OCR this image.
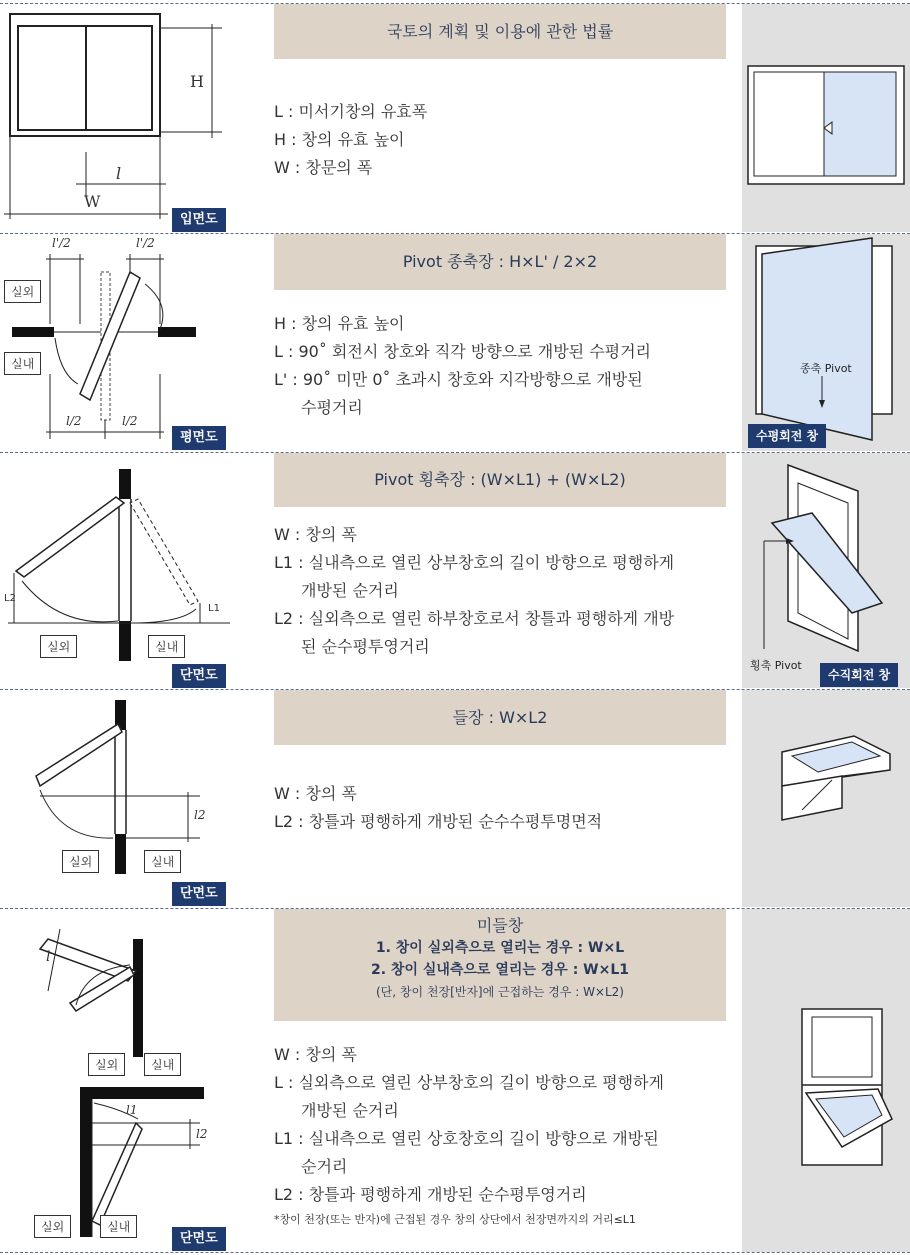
H
l
W
입면도
국토의 계획 및 이용에 관한 법률
L : 미서기창의 유효폭
H : 창의 유효 높이
W : 창문의 폭
l'/2	l'/2
l/2	l/2
실외
실내
평면도
Pivot 종축장 : H×L' / 2×2
H : 창의 유효 높이
L : 90˚ 회전시 창호와 직각 방향으로 개방된 수평거리
L' : 90˚ 미만 0˚ 초과시 창호와 지각방향으로 개방된
수평거리
종축 Pivot
수평회전 창
L2
L1
실외	실내
단면도
Pivot 횡축장 : (W×L1) + (W×L2)
W : 창의 폭
L1 : 실내측으로 열린 상부창호의 길이 방향으로 평행하게
개방된 순거리
L2 : 실외측으로 열린 하부창호로서 창틀과 평행하게 개방
된 순수평투영거리
횡축 Pivot
수직회전 창
l2
실외	실내
단면도
들장 : W×L2
W : 창의 폭
L2 : 창틀과 평행하게 개방된 순수수평투명면적
l
l1
l2
실외	실내
실외	실내
단면도
미들창
1. 창이 실외측으로 열리는 경우 : W×L
2. 창이 실내측으로 열리는 경우 : W×L1
(단, 창이 천장[반자]에 근접하는 경우 : W×L2)
W : 창의 폭
L : 실외측으로 열린 상부창호의 길이 방향으로 평행하게
개방된 순거리
L1 : 실내측으로 열린 상호창호의 길이 방향으로 개방된
순거리
L2 : 창틀과 평행하게 개방된 순수평투영거리
*창이 천장(또는 반자)에 근접된 경우 창의 상단에서 천장면까지의 거리≤L1
